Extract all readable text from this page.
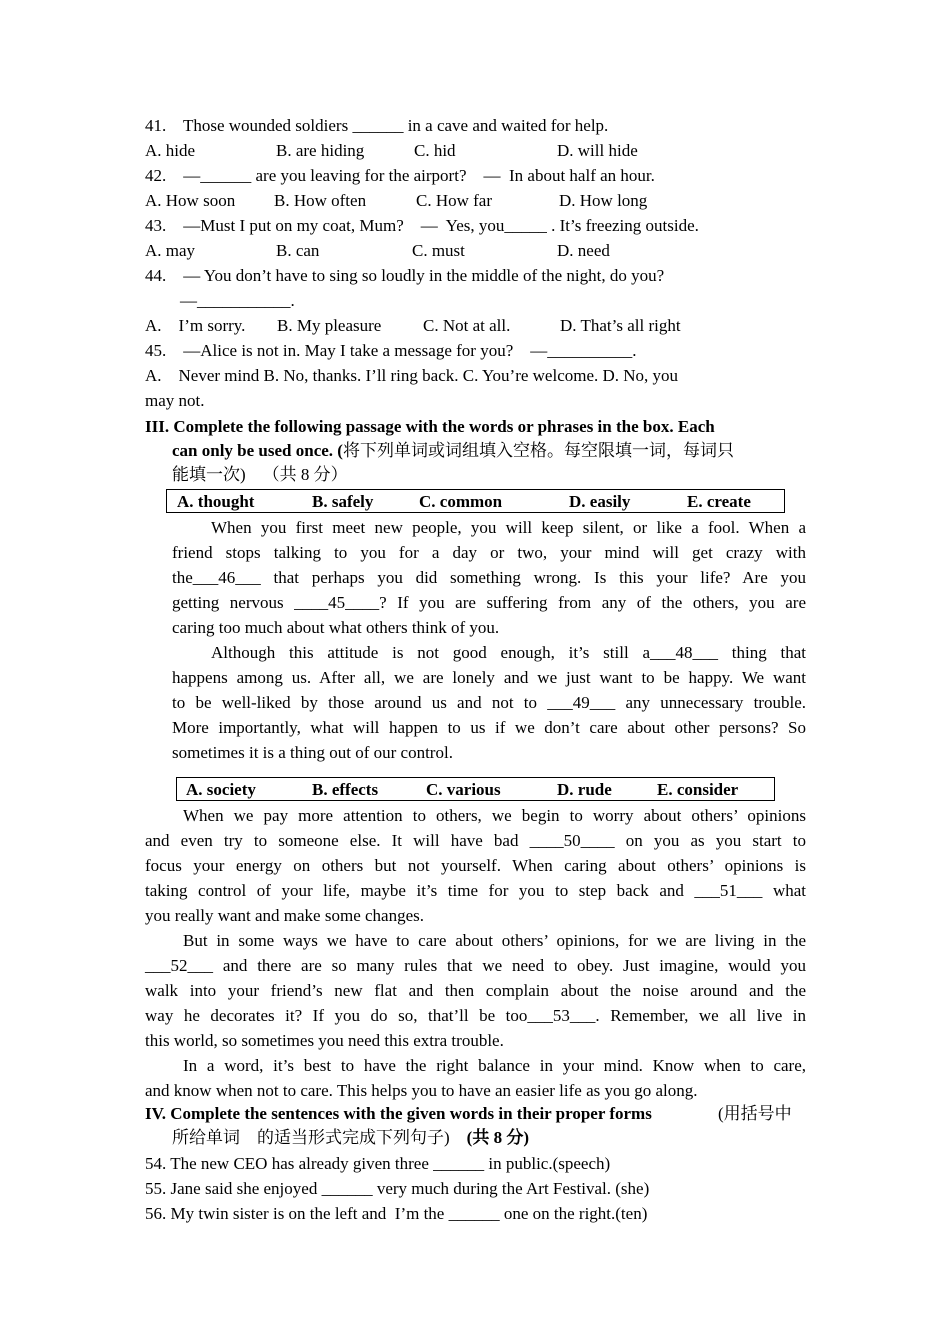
41.    Those wounded soldiers ______ in a cave and waited for help.
A. hide	B. are hiding	C. hid	D. will hide
42.    —______ are you leaving for the airport?    —  In about half an hour.
A. How soon B. How often	C. How far	D. How long
43.    —Must I put on my coat, Mum?    —  Yes, you_____ . It’s freezing outside.
A. may	B. can	C. must	D. need
44.    — You don’t have to sing so loudly in the middle of the night, do you?
—___________.
A.    I’m sorry. B. My pleasure C. Not at all.	D. That’s all right
45.    —Alice is not in. May I take a message for you?    —__________.
A.    Never mind B. No, thanks. I’ll ring back. C. You’re welcome. D. No, you
may not.
III. Complete the following passage with the words or phrases in the box. Each
can only be used once. (将下列单词或词组填入空格。每空限填一词，每词只
能填一次)    （共 8 分）
A. thought	B. safely	C. common	D. easily	E. create
When you first meet new people, you will keep silent, or like a fool. When a
friend stops talking to you for a day or two, your mind will get crazy with
the___46___ that perhaps you did something wrong. Is this your life? Are you
getting nervous ____45____? If you are suffering from any of the others, you are
caring too much about what others think of you.
Although this attitude is not good enough, it’s still a___48___ thing that
happens among us. After all, we are lonely and we just want to be happy. We want
to be well-liked by those around us and not to ___49___ any unnecessary trouble.
More importantly, what will happen to us if we don’t care about other persons? So
sometimes it is a thing out of our control.
A. society	B. effects	C. various	D. rude	E. consider
When we pay more attention to others, we begin to worry about others’ opinions
and even try to someone else. It will have bad ____50____ on you as you start to
focus your energy on others but not yourself. When caring about others’ opinions is
taking control of your life, maybe it’s time for you to step back and ___51___ what
you really want and make some changes.
But in some ways we have to care about others’ opinions, for we are living in the
___52___ and there are so many rules that we need to obey. Just imagine, would you
walk into your friend’s new flat and then complain about the noise around and the
way he decorates it? If you do so, that’ll be too___53___. Remember, we all live in
this world, so sometimes you need this extra trouble.
In a word, it’s best to have the right balance in your mind. Know when to care,
and know when not to care. This helps you to have an easier life as you go along.
IV. Complete the sentences with the given words in their proper forms	(用括号中
所给单词    的适当形式完成下列句子) (共 8 分)
54. The new CEO has already given three ______ in public.(speech)
55. Jane said she enjoyed ______ very much during the Art Festival. (she)
56. My twin sister is on the left and  I’m the ______ one on the right.(ten)
